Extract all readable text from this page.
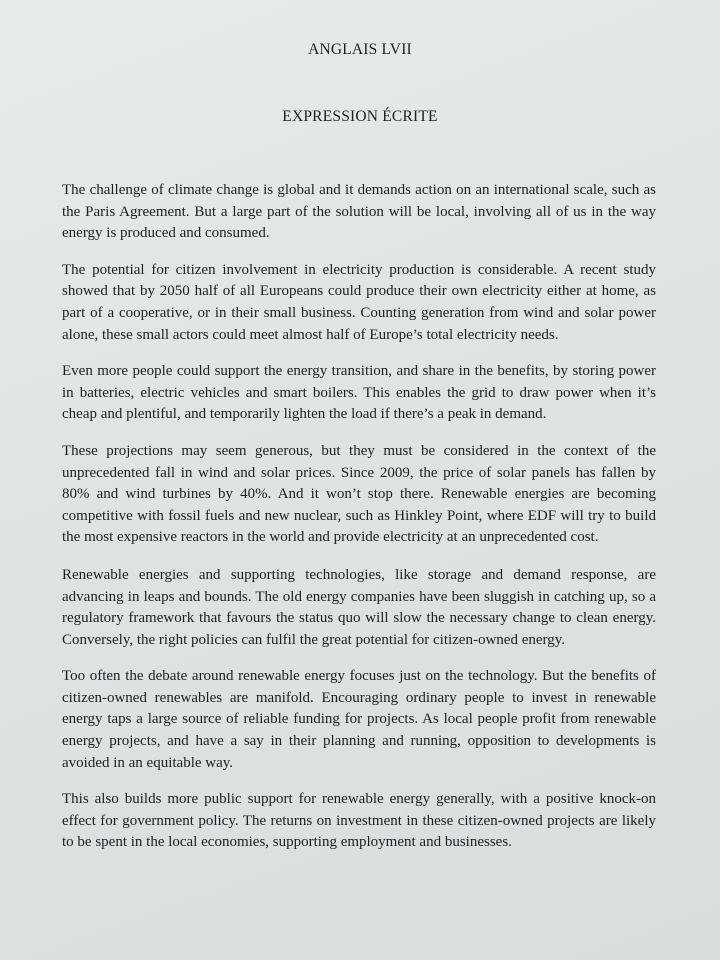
ANGLAIS LVII
EXPRESSION ÉCRITE

The challenge of climate change is global and it demands action on an international scale, such as the Paris Agreement. But a large part of the solution will be local, involving all of us in the way energy is produced and consumed.

The potential for citizen involvement in electricity production is considerable. A recent study showed that by 2050 half of all Europeans could produce their own electricity either at home, as part of a cooperative, or in their small business. Counting generation from wind and solar power alone, these small actors could meet almost half of Europe’s total electricity needs.

Even more people could support the energy transition, and share in the benefits, by storing power in batteries, electric vehicles and smart boilers. This enables the grid to draw power when it’s cheap and plentiful, and temporarily lighten the load if there’s a peak in demand.

These projections may seem generous, but they must be considered in the context of the unprecedented fall in wind and solar prices. Since 2009, the price of solar panels has fallen by 80% and wind turbines by 40%. And it won’t stop there. Renewable energies are becoming competitive with fossil fuels and new nuclear, such as Hinkley Point, where EDF will try to build the most expensive reactors in the world and provide electricity at an unprecedented cost.

Renewable energies and supporting technologies, like storage and demand response, are advancing in leaps and bounds. The old energy companies have been sluggish in catching up, so a regulatory framework that favours the status quo will slow the necessary change to clean energy. Conversely, the right policies can fulfil the great potential for citizen-owned energy.

Too often the debate around renewable energy focuses just on the technology. But the benefits of citizen-owned renewables are manifold. Encouraging ordinary people to invest in renewable energy taps a large source of reliable funding for projects. As local people profit from renewable energy projects, and have a say in their planning and running, opposition to developments is avoided in an equitable way.

This also builds more public support for renewable energy generally, with a positive knock-on effect for government policy. The returns on investment in these citizen-owned projects are likely to be spent in the local economies, supporting employment and businesses.
